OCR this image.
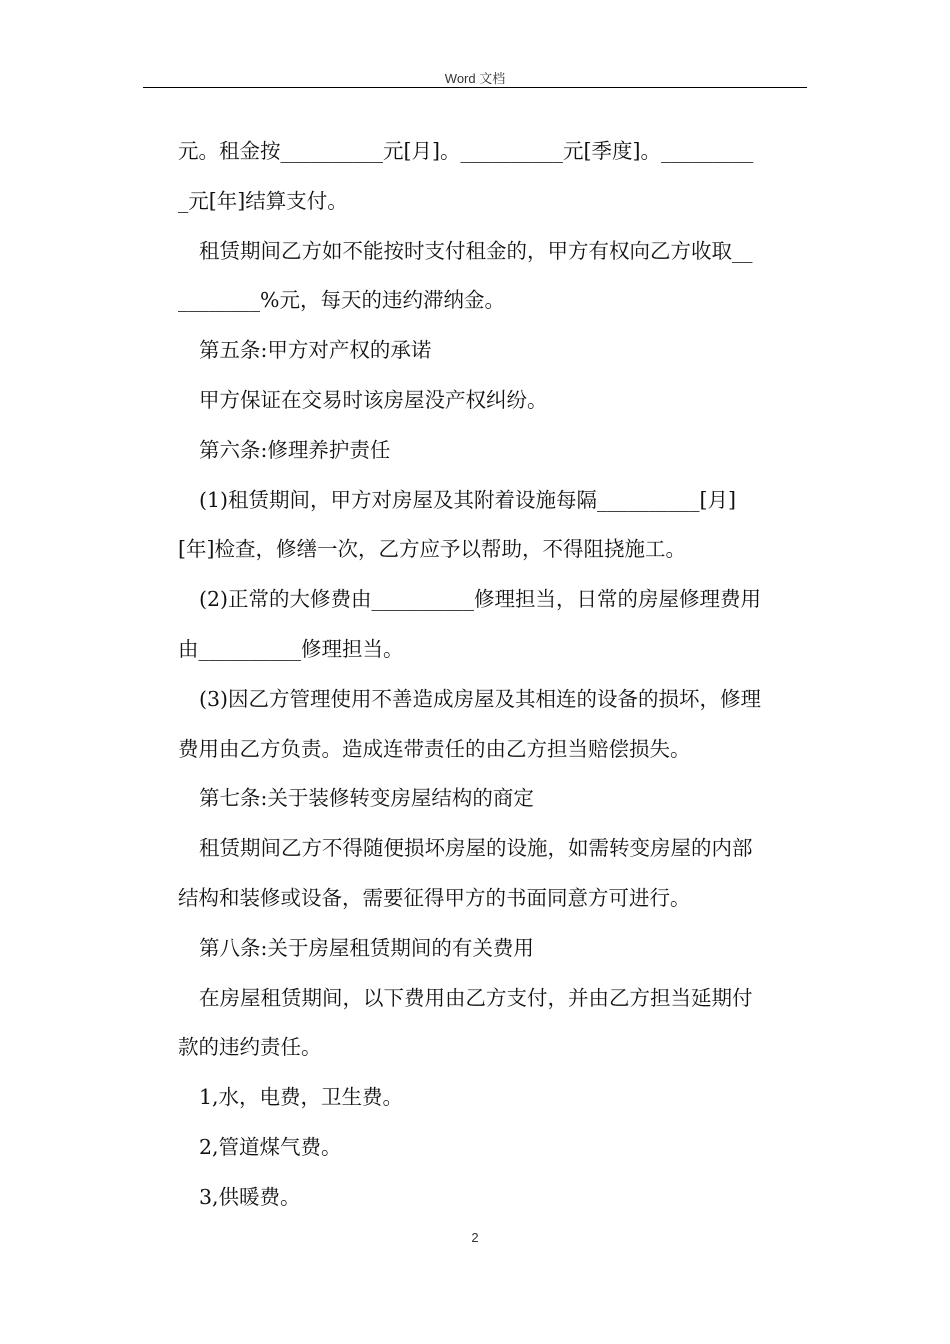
Word 文档
元。租金按__________元[月]。__________元[季度]。_________
_元[年]结算支付。
租赁期间乙方如不能按时支付租金的，甲方有权向乙方收取__
________%元，每天的违约滞纳金。
第五条:甲方对产权的承诺
甲方保证在交易时该房屋没产权纠纷。
第六条:修理养护责任
(1)租赁期间，甲方对房屋及其附着设施每隔__________[月]
[年]检查，修缮一次，乙方应予以帮助，不得阻挠施工。
(2)正常的大修费由__________修理担当，日常的房屋修理费用
由__________修理担当。
(3)因乙方管理使用不善造成房屋及其相连的设备的损坏，修理
费用由乙方负责。造成连带责任的由乙方担当赔偿损失。
第七条:关于装修转变房屋结构的商定
租赁期间乙方不得随便损坏房屋的设施，如需转变房屋的内部
结构和装修或设备，需要征得甲方的书面同意方可进行。
第八条:关于房屋租赁期间的有关费用
在房屋租赁期间，以下费用由乙方支付，并由乙方担当延期付
款的违约责任。
1,水，电费，卫生费。
2,管道煤气费。
3,供暖费。
2
